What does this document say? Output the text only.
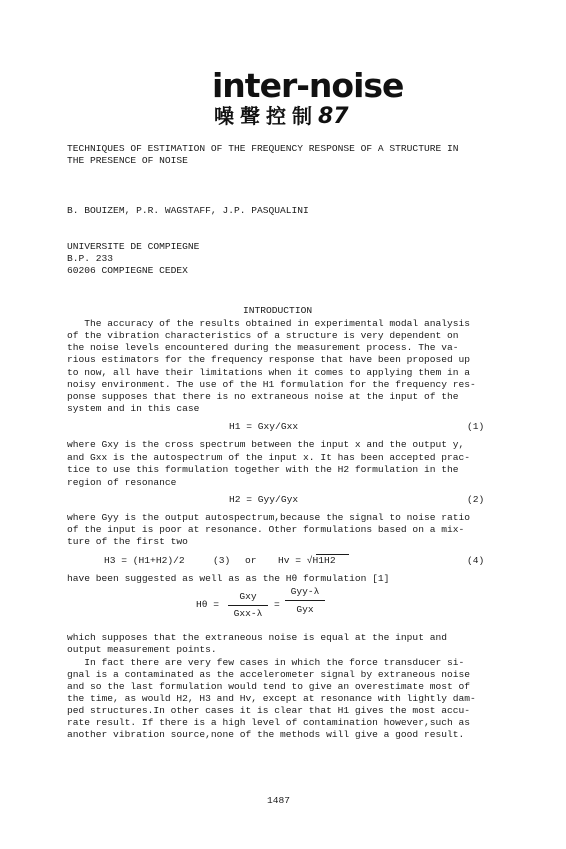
inter-noise
噪聲控制87
TECHNIQUES OF ESTIMATION OF THE FREQUENCY RESPONSE OF A STRUCTURE IN
THE PRESENCE OF NOISE
B. BOUIZEM, P.R. WAGSTAFF, J.P. PASQUALINI
UNIVERSITE DE COMPIEGNE
B.P. 233
60206 COMPIEGNE CEDEX
INTRODUCTION
The accuracy of the results obtained in experimental modal analysis
of the vibration characteristics of a structure is very dependent on
the noise levels encountered during the measurement process. The va-
rious estimators for the frequency response that have been proposed up
to now, all have their limitations when it comes to applying them in a
noisy environment. The use of the H1 formulation for the frequency res-
ponse supposes that there is no extraneous noise at the input of the
system and in this case
H1 = Gxy/Gxx	(1)
where Gxy is the cross spectrum between the input x and the output y,
and Gxx is the autospectrum of the input x. It has been accepted prac-
tice to use this formulation together with the H2 formulation in the
region of resonance
H2 = Gyy/Gyx	(2)
where Gyy is the output autospectrum,because the signal to noise ratio
of the input is poor at resonance. Other formulations based on a mix-
ture of the first two
H3 = (H1+H2)/2	(3) or Hv = √H1H2	(4)
have been suggested as well as as the Hθ formulation [1]
Hθ =
Gxy
Gxx-λ
=
Gyy-λ
Gyx
which supposes that the extraneous noise is equal at the input and
output measurement points.
In fact there are very few cases in which the force transducer si-
gnal is a contaminated as the accelerometer signal by extraneous noise
and so the last formulation would tend to give an overestimate most of
the time, as would H2, H3 and Hv, except at resonance with lightly dam-
ped structures.In other cases it is clear that H1 gives the most accu-
rate result. If there is a high level of contamination however,such as
another vibration source,none of the methods will give a good result.
1487
